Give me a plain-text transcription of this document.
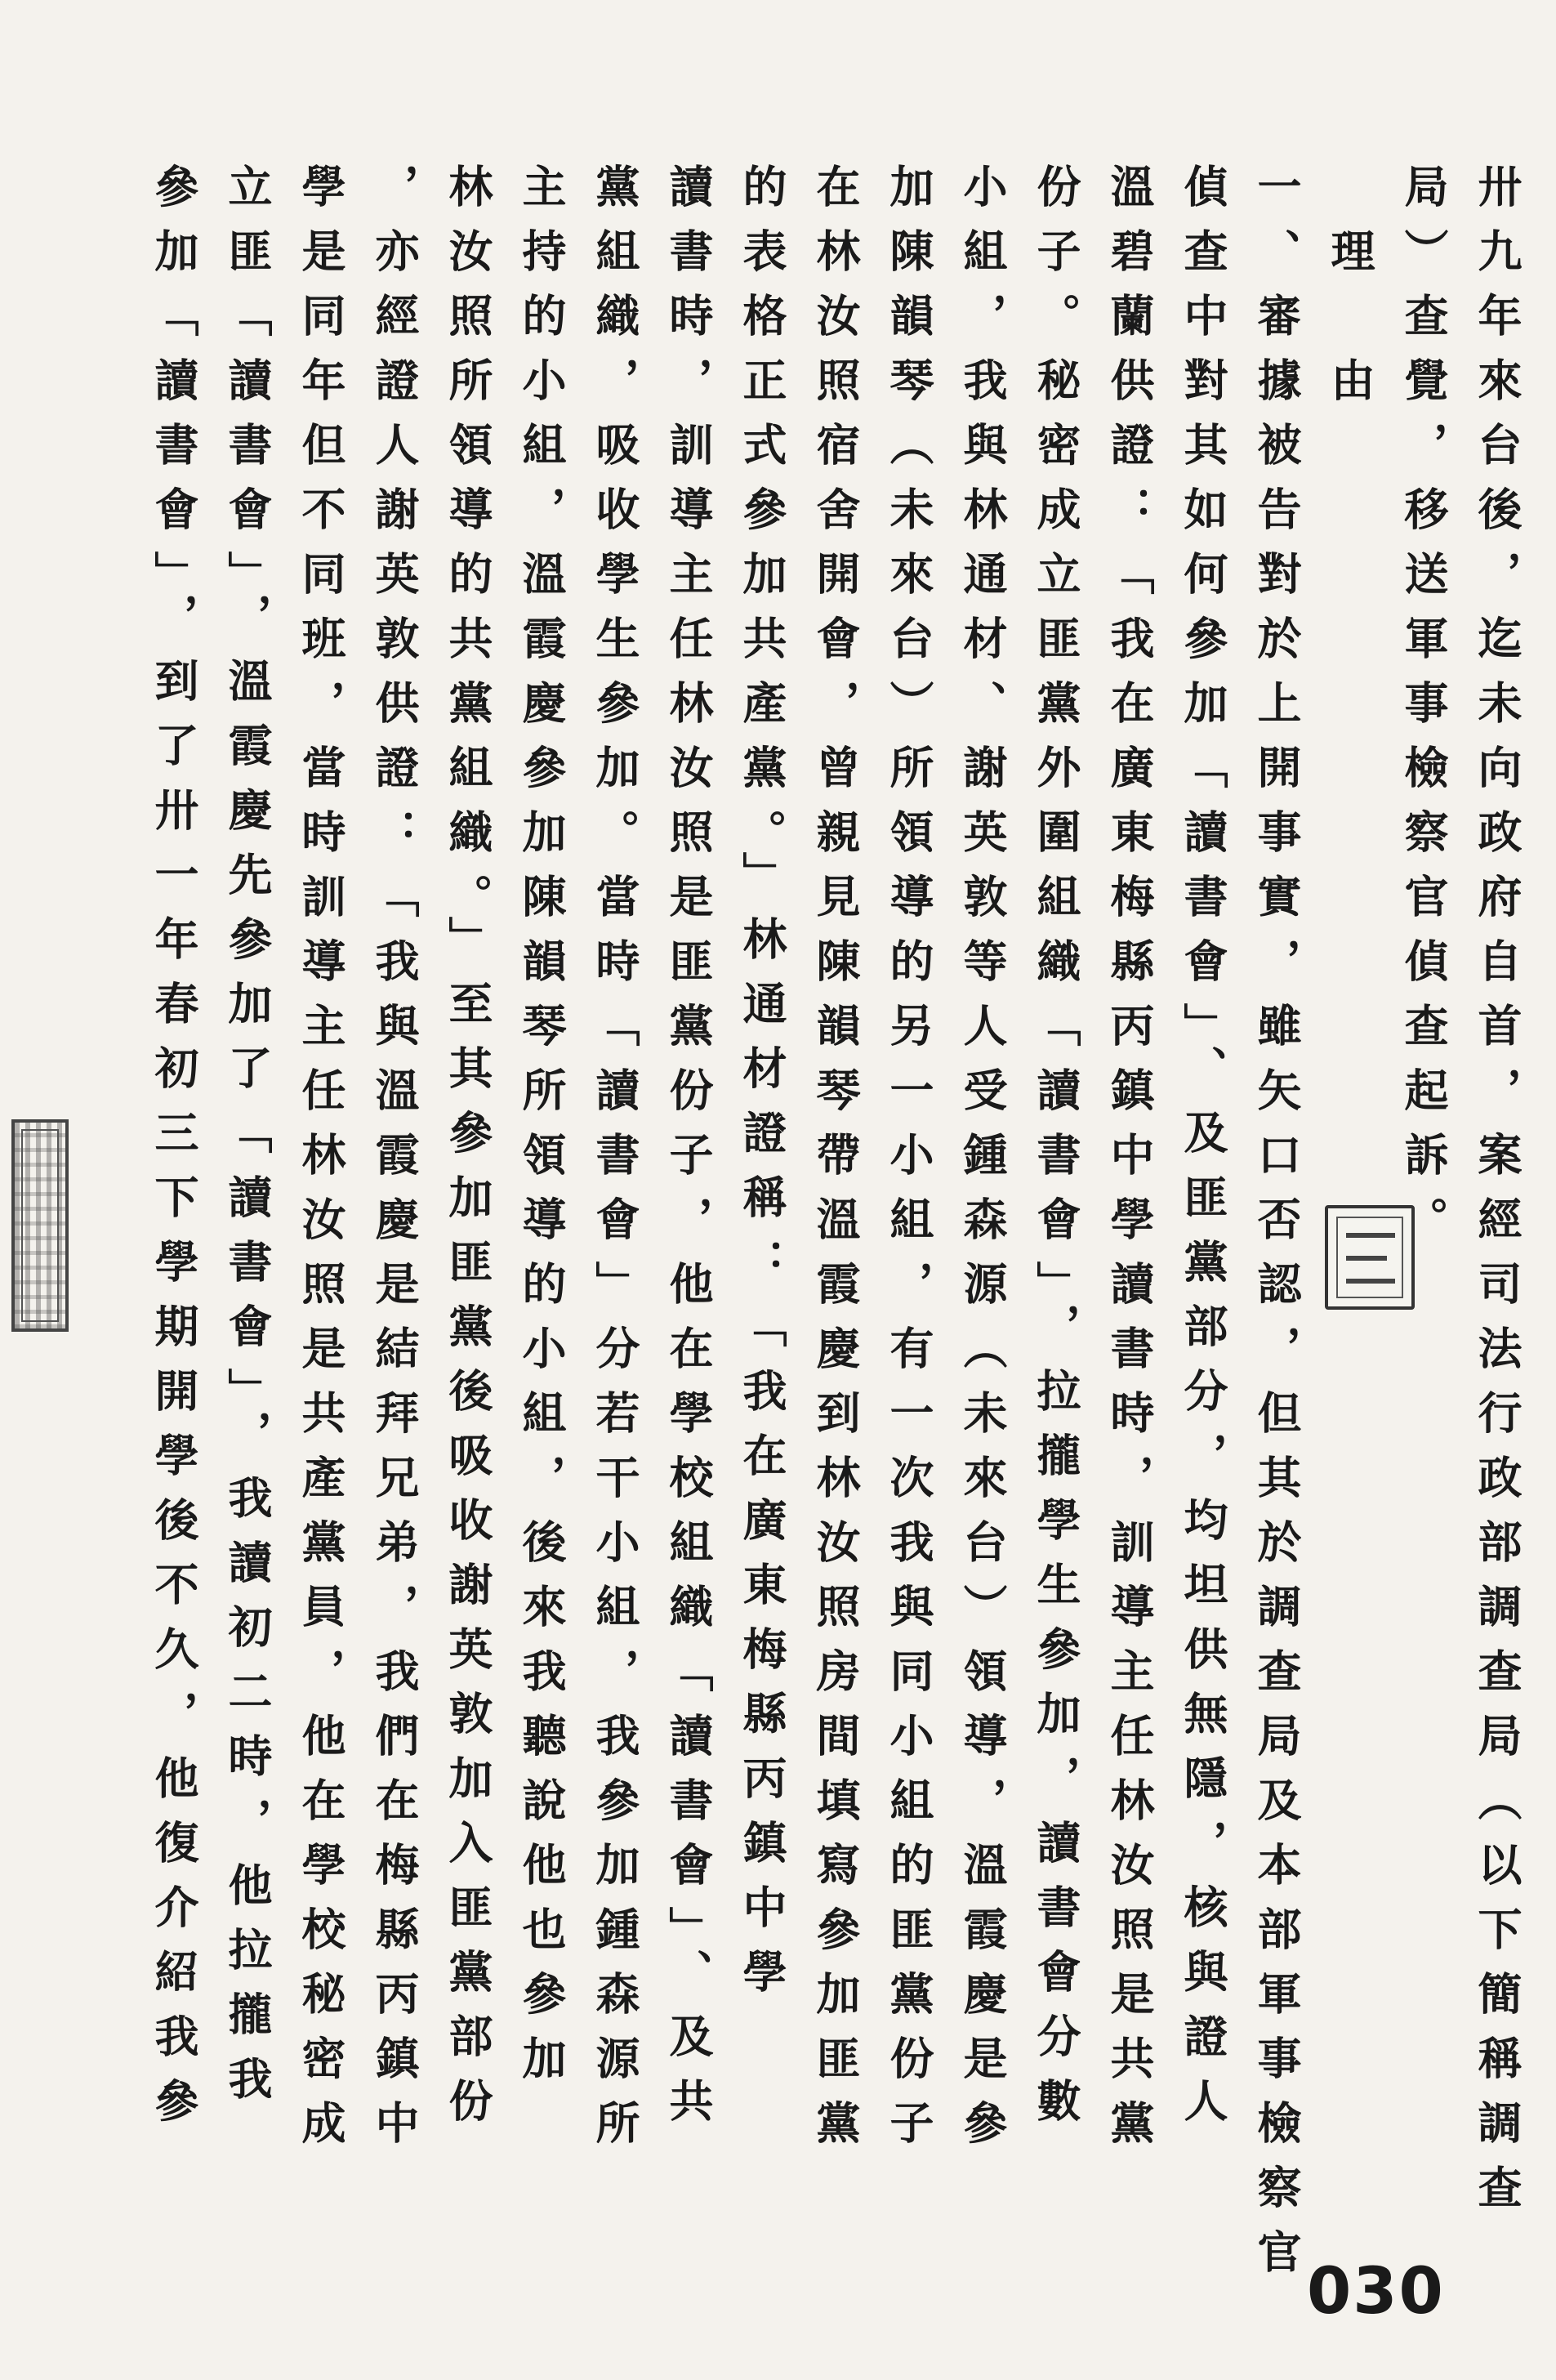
卅九年來台後，迄未向政府自首，案經司法行政部調查局（以下簡稱調查
局）查覺，移送軍事檢察官偵查起訴。
　理　由
一、審據被告對於上開事實，雖矢口否認，但其於調查局及本部軍事檢察官
偵查中對其如何參加「讀書會」、及匪黨部分，均坦供無隱，核與證人
溫碧蘭供證：「我在廣東梅縣丙鎮中學讀書時，訓導主任林汝照是共黨
份子。秘密成立匪黨外圍組織「讀書會」，拉攏學生參加，讀書會分數
小組，我與林通材、謝英敦等人受鍾森源（未來台）領導，溫霞慶是參
加陳韻琴（未來台）所領導的另一小組，有一次我與同小組的匪黨份子
在林汝照宿舍開會，曾親見陳韻琴帶溫霞慶到林汝照房間填寫參加匪黨
的表格正式參加共產黨。」林通材證稱：「我在廣東梅縣丙鎮中學
讀書時，訓導主任林汝照是匪黨份子，他在學校組織「讀書會」、及共
黨組織，吸收學生參加。當時「讀書會」分若干小組，我參加鍾森源所
主持的小組，溫霞慶參加陳韻琴所領導的小組，後來我聽說他也參加
林汝照所領導的共黨組織。」至其參加匪黨後吸收謝英敦加入匪黨部份
，亦經證人謝英敦供證：「我與溫霞慶是結拜兄弟，我們在梅縣丙鎮中
學是同年但不同班，當時訓導主任林汝照是共產黨員，他在學校秘密成
立匪「讀書會」，溫霞慶先參加了「讀書會」，我讀初二時，他拉攏我
參加「讀書會」，到了卅一年春初三下學期開學後不久，他復介紹我參
030
